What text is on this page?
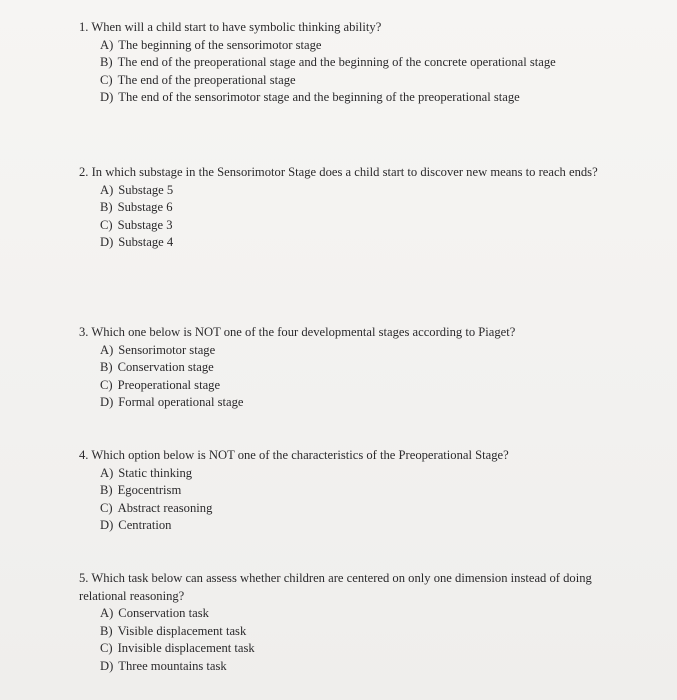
1. When will a child start to have symbolic thinking ability?

A) The beginning of the sensorimotor stage
B) The end of the preoperational stage and the beginning of the concrete operational stage
C) The end of the preoperational stage
D) The end of the sensorimotor stage and the beginning of the preoperational stage

2. In which substage in the Sensorimotor Stage does a child start to discover new means to reach ends?

A) Substage 5
B) Substage 6
C) Substage 3
D) Substage 4

3. Which one below is NOT one of the four developmental stages according to Piaget?

A) Sensorimotor stage
B) Conservation stage
C) Preoperational stage
D) Formal operational stage

4. Which option below is NOT one of the characteristics of the Preoperational Stage?

A) Static thinking
B) Egocentrism
C) Abstract reasoning
D) Centration

5. Which task below can assess whether children are centered on only one dimension instead of doing relational reasoning?

A) Conservation task
B) Visible displacement task
C) Invisible displacement task
D) Three mountains task
